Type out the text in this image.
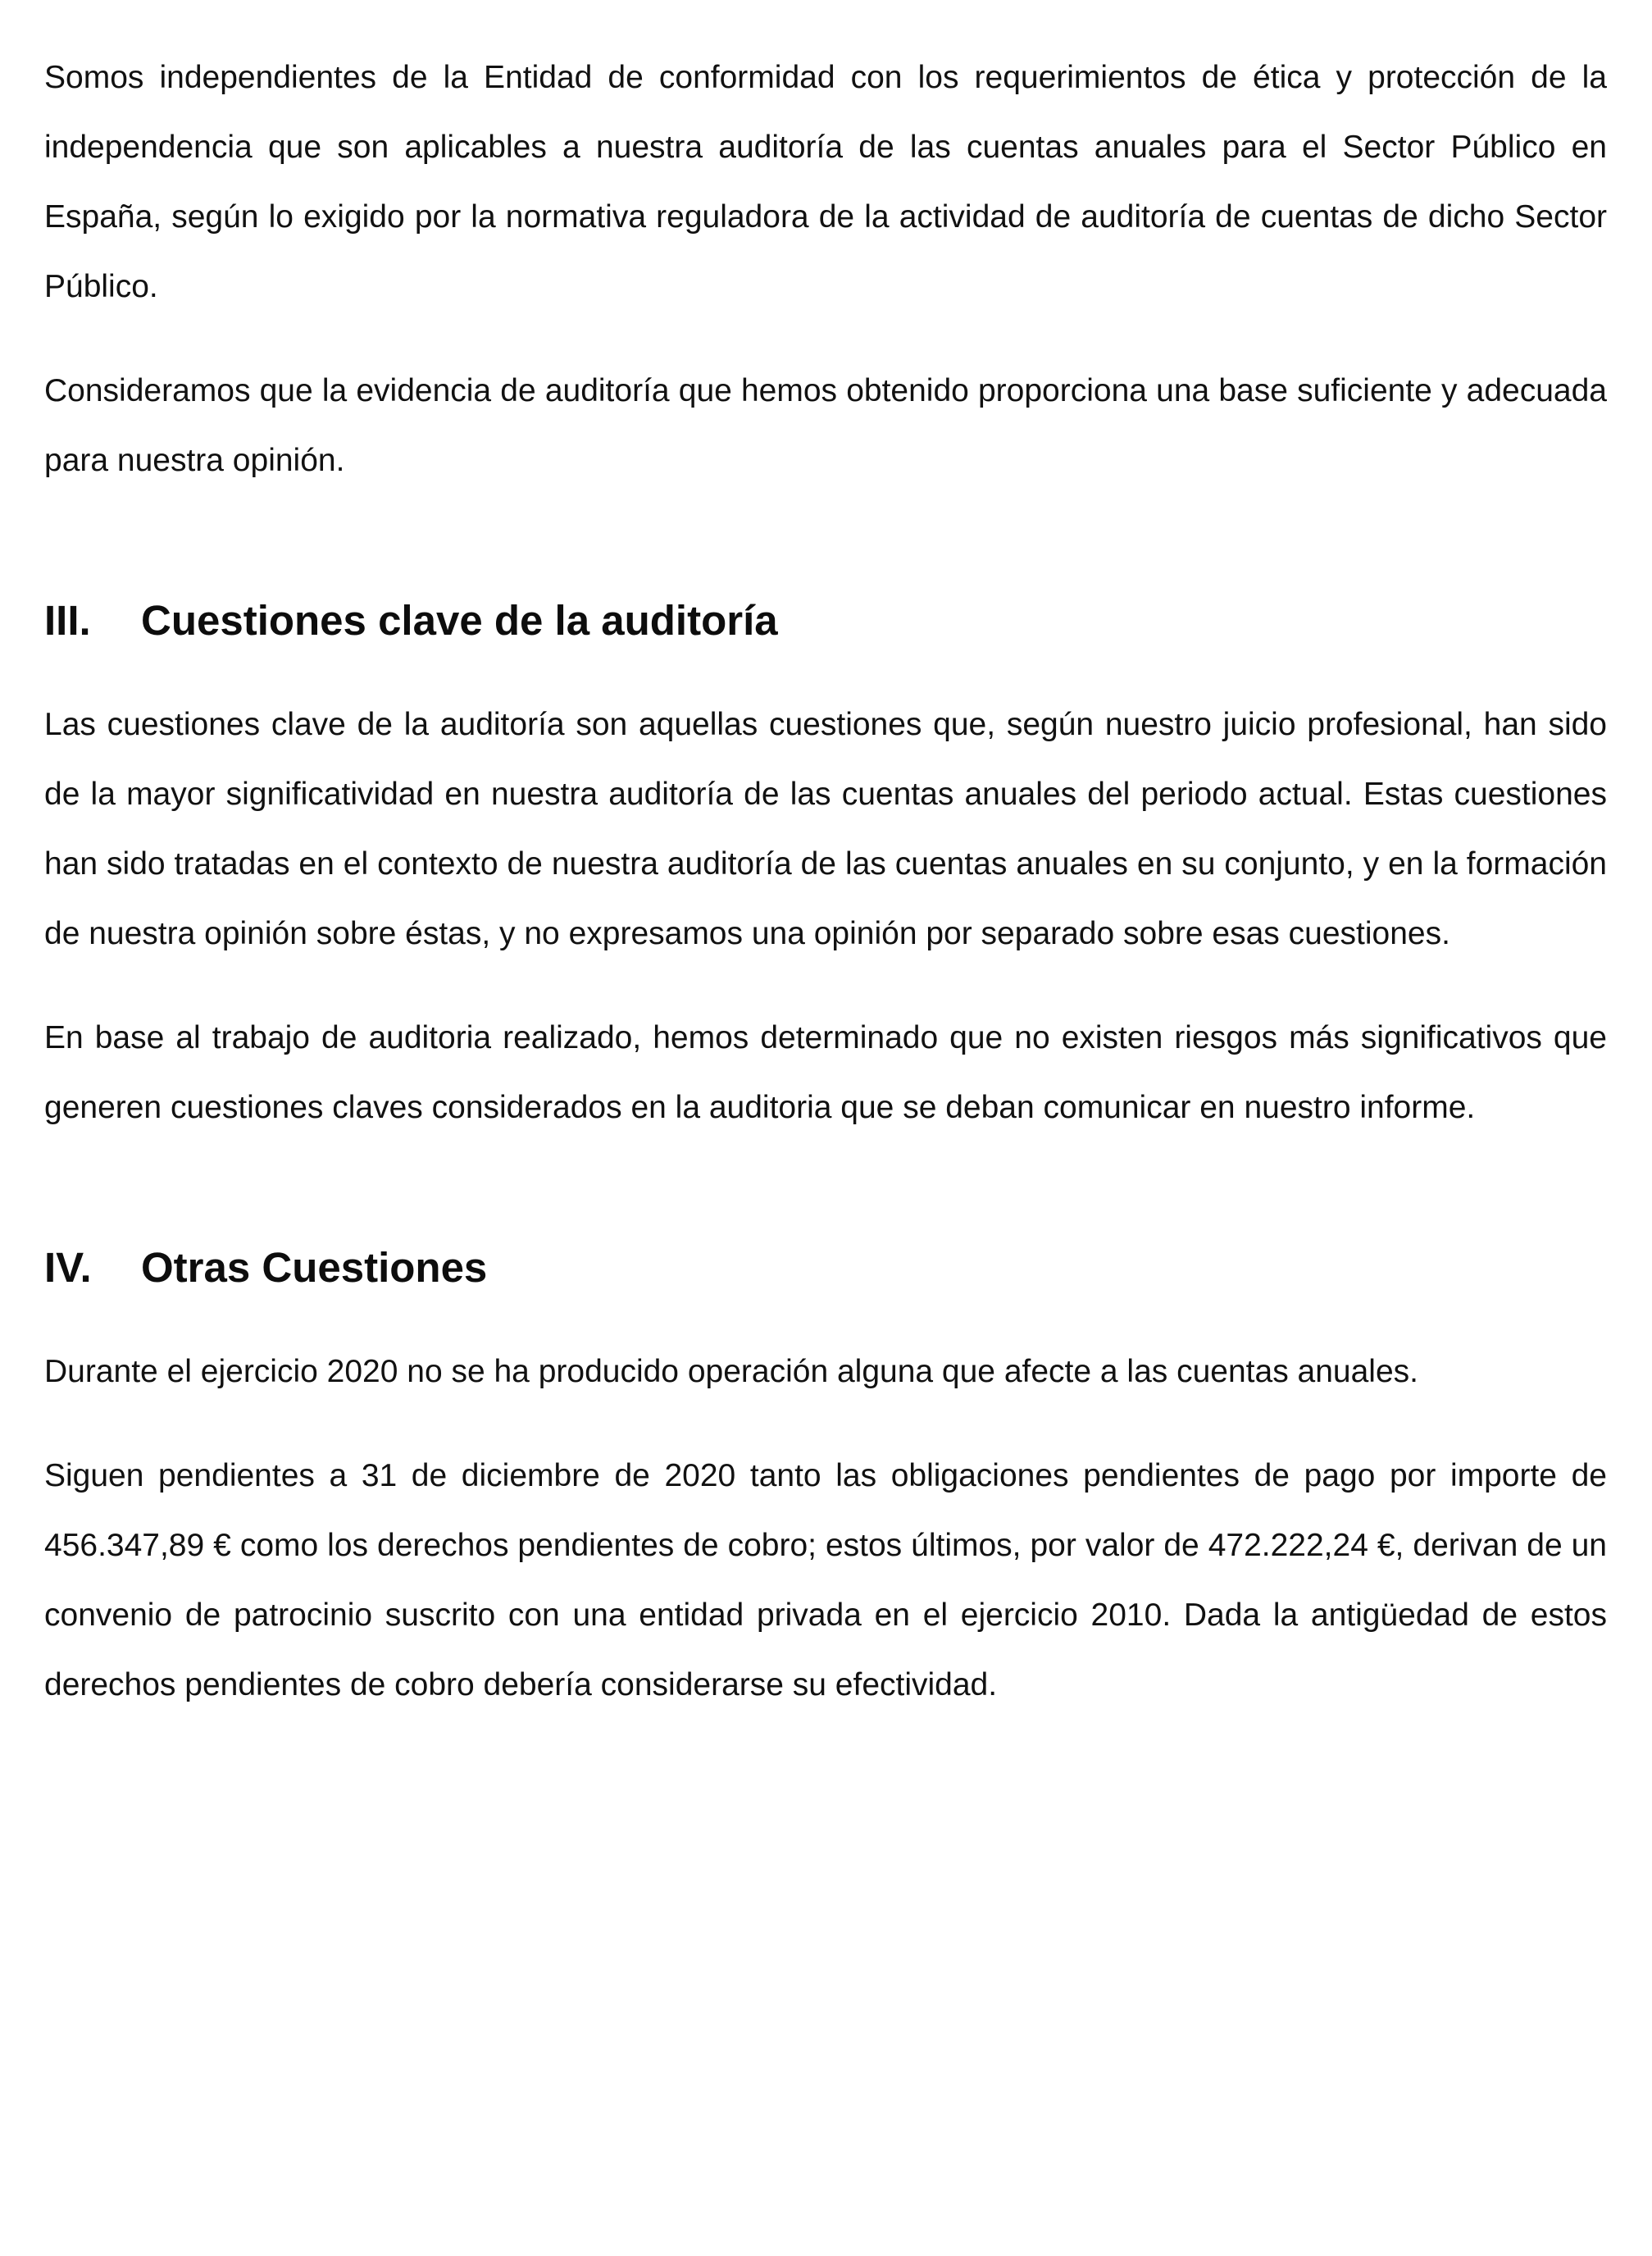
Somos independientes de la Entidad de conformidad con los requerimientos de ética y protección de la independencia que son aplicables a nuestra auditoría de las cuentas anuales para el Sector Público en España, según lo exigido por la normativa reguladora de la actividad de auditoría de cuentas de dicho Sector Público.

Consideramos que la evidencia de auditoría que hemos obtenido proporciona una base suficiente y adecuada para nuestra opinión.

III.	Cuestiones clave de la auditoría

Las cuestiones clave de la auditoría son aquellas cuestiones que, según nuestro juicio profesional, han sido de la mayor significatividad en nuestra auditoría de las cuentas anuales del periodo actual. Estas cuestiones han sido tratadas en el contexto de nuestra auditoría de las cuentas anuales en su conjunto, y en la formación de nuestra opinión sobre éstas, y no expresamos una opinión por separado sobre esas cuestiones.

En base al trabajo de auditoria realizado, hemos determinado que no existen riesgos más significativos que generen cuestiones claves considerados en la auditoria que se deban comunicar en nuestro informe.

IV.	Otras Cuestiones

Durante el ejercicio 2020 no se ha producido operación alguna que afecte a las cuentas anuales.

Siguen pendientes a 31 de diciembre de 2020 tanto las obligaciones pendientes de pago por importe de 456.347,89 € como los derechos pendientes de cobro; estos últimos, por valor de 472.222,24 €, derivan de un convenio de patrocinio suscrito con una entidad privada en el ejercicio 2010. Dada la antigüedad de estos derechos pendientes de cobro debería considerarse su efectividad.
